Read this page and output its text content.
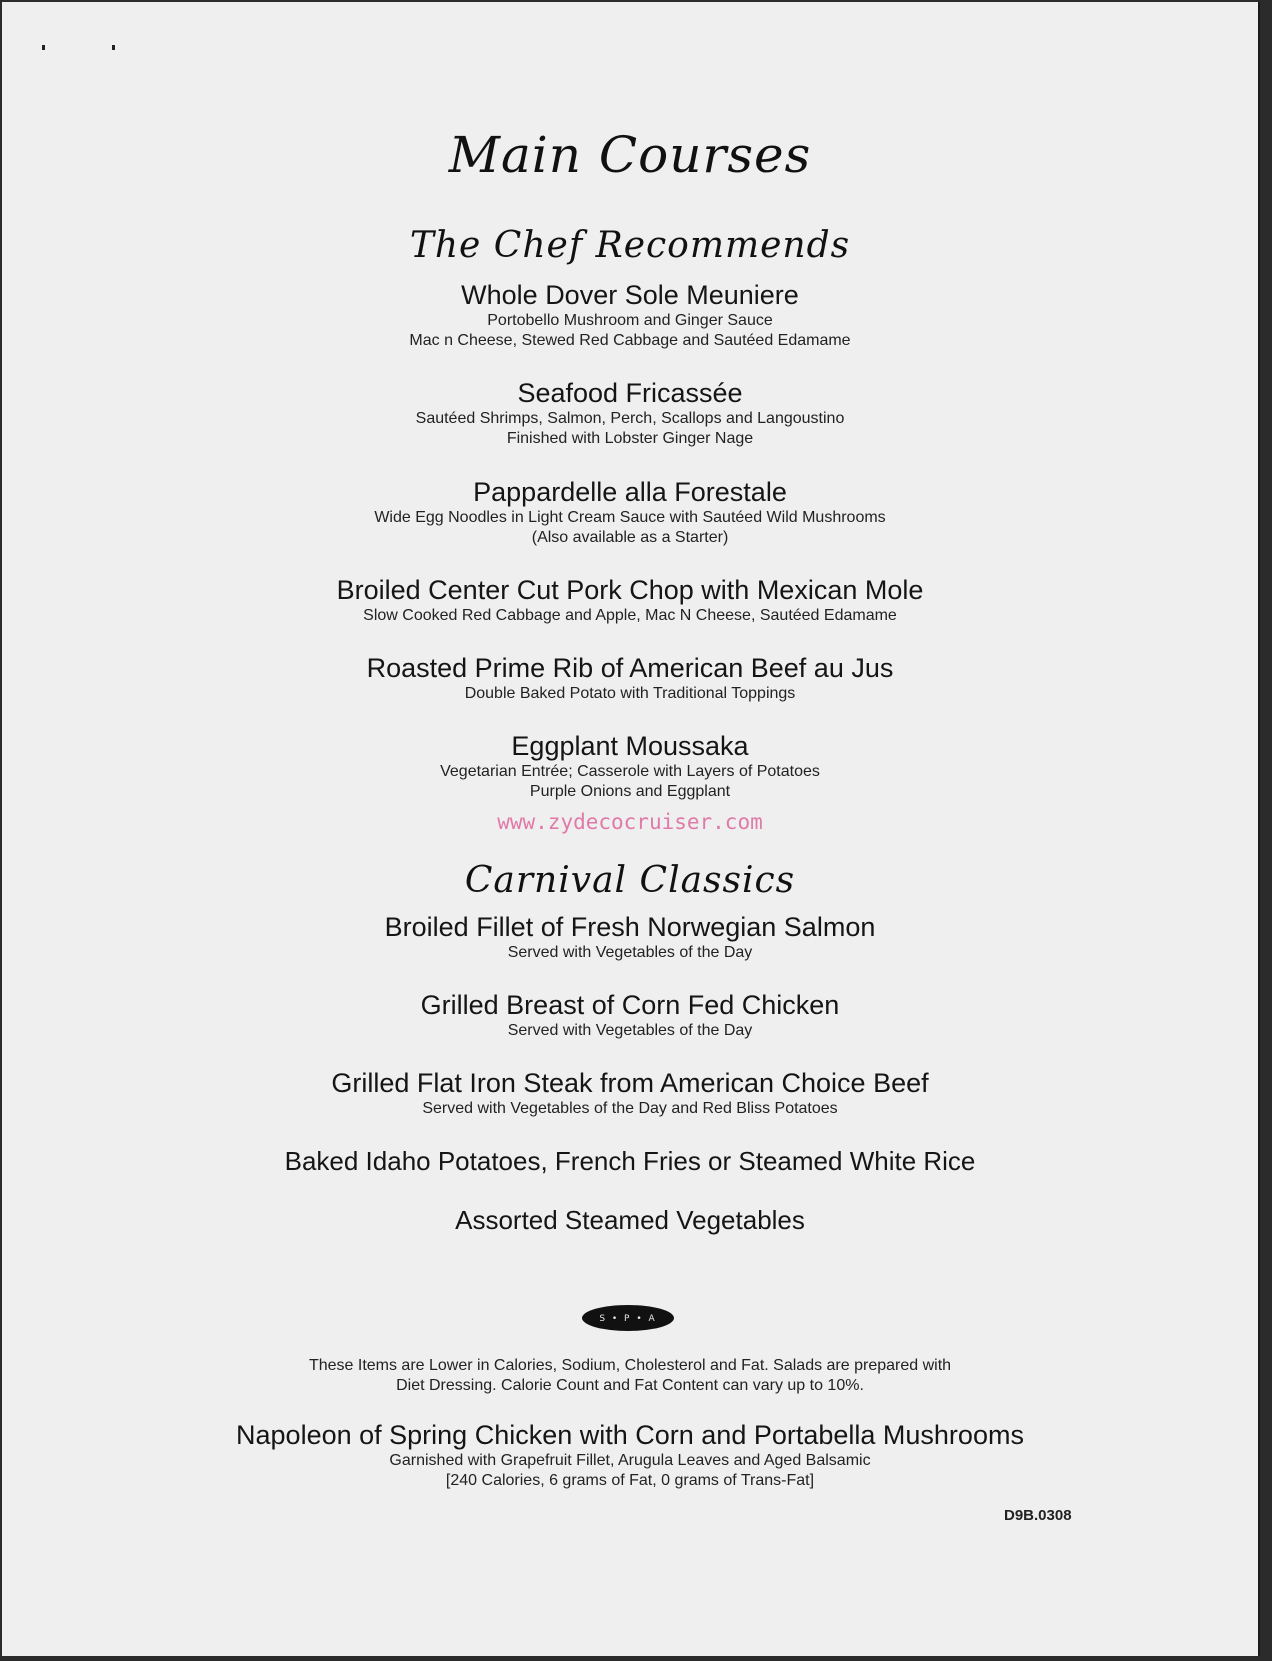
Main Courses
The Chef Recommends
Whole Dover Sole Meuniere
Portobello Mushroom and Ginger Sauce
Mac n Cheese, Stewed Red Cabbage and Sautéed Edamame
Seafood Fricassée
Sautéed Shrimps, Salmon, Perch, Scallops and Langoustino
Finished with Lobster Ginger Nage
Pappardelle alla Forestale
Wide Egg Noodles in Light Cream Sauce with Sautéed Wild Mushrooms
(Also available as a Starter)
Broiled Center Cut Pork Chop with Mexican Mole
Slow Cooked Red Cabbage and Apple, Mac N Cheese, Sautéed Edamame
Roasted Prime Rib of American Beef au Jus
Double Baked Potato with Traditional Toppings
Eggplant Moussaka
Vegetarian Entrée; Casserole with Layers of Potatoes
Purple Onions and Eggplant
www.zydecocruiser.com
Carnival Classics
Broiled Fillet of Fresh Norwegian Salmon
Served with Vegetables of the Day
Grilled Breast of Corn Fed Chicken
Served with Vegetables of the Day
Grilled Flat Iron Steak from American Choice Beef
Served with Vegetables of the Day and Red Bliss Potatoes
Baked Idaho Potatoes, French Fries or Steamed White Rice
Assorted Steamed Vegetables
S • P • A
These Items are Lower in Calories, Sodium, Cholesterol and Fat. Salads are prepared with
Diet Dressing. Calorie Count and Fat Content can vary up to 10%.
Napoleon of Spring Chicken with Corn and Portabella Mushrooms
Garnished with Grapefruit Fillet, Arugula Leaves and Aged Balsamic
[240 Calories, 6 grams of Fat, 0 grams of Trans-Fat]
D9B.0308
